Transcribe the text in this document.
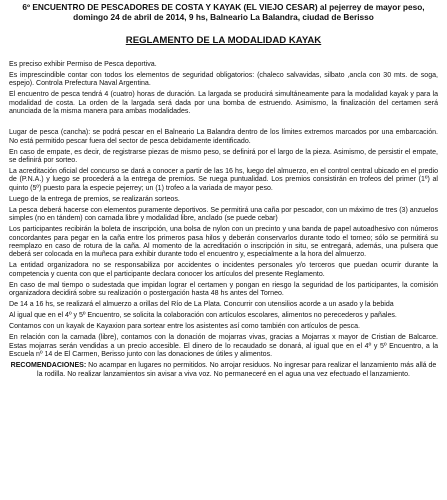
6º ENCUENTRO DE PESCADORES DE COSTA Y KAYAK (EL VIEJO CESAR) al pejerrey de mayor peso, domingo 24 de abril de 2014, 9 hs, Balneario La Balandra, ciudad de Berisso
REGLAMENTO DE LA MODALIDAD KAYAK

Es preciso exhibir Permiso de Pesca deportiva.

Es imprescindible contar con todos los elementos de seguridad obligatorios: (chaleco salvavidas, silbato ,ancla con 30 mts. de soga, espejo). Controla Prefectura Naval Argentina.

El encuentro de pesca tendrá 4 (cuatro) horas de duración. La largada se producirá simultáneamente para la modalidad kayak y para la modalidad de costa. La orden de la largada será dada por una bomba de estruendo. Asimismo, la finalización del certamen será anunciada de la misma manera para ambas modalidades.

Lugar de pesca (cancha): se podrá pescar en el Balneario La Balandra dentro de los límites extremos marcados por una embarcación. No está permitido pescar fuera del sector de pesca debidamente identificado.

En caso de empate, es decir, de registrarse piezas de mismo peso, se definirá por el largo de la pieza. Asimismo, de persistir el empate, se definirá por sorteo.

La acreditación oficial del concurso se dará a conocer a partir de las 16 hs, luego del almuerzo, en el control central ubicado en el predio de (P.N.A.) y luego se procederá a la entrega de premios. Se ruega puntualidad. Los premios consistirán en trofeos del primer (1º) al quinto (5º) puesto para la especie pejerrey; un (1) trofeo a la variada de mayor peso.

Luego de la entrega de premios, se realizarán sorteos.

La pesca deberá hacerse con elementos puramente deportivos. Se permitirá una caña por pescador, con un máximo de tres (3) anzuelos simples (no en tándem) con carnada libre y modalidad libre, anclado (se puede cebar)

Los participantes recibirán la boleta de inscripción, una bolsa de nylon con un precinto y una banda de papel autoadhesivo con números concordantes para pegar en la caña entre los primeros pasa hilos y deberán conservarlos durante todo el torneo; sólo se permitirá su reemplazo en caso de rotura de la caña. Al momento de la acreditación o inscripción in situ, se entregará, además, una pulsera que deberá ser colocada en la muñeca para exhibir durante todo el encuentro y, especialmente a la hora del almuerzo.

La entidad organizadora no se responsabiliza por accidentes o incidentes personales y/o terceros que puedan ocurrir durante la competencia y cuenta con que el participante declara conocer los artículos del presente Reglamento.

En caso de mal tiempo o sudestada que impidan lograr el certamen y pongan en riesgo la seguridad de los participantes, la comisión organizadora decidirá sobre su realización o postergación hasta 48 hs antes del Torneo.

De 14 a 16 hs, se realizará el almuerzo a orillas del Río de La Plata. Concurrir con utensilios acorde a un asado y la bebida

Al igual que en el 4º y 5º Encuentro, se solicita la colaboración con artículos escolares, alimentos no perecederos y pañales.

Contamos con un kayak de Kayaxion para sortear entre los asistentes así como también con artículos de pesca.

En relación con la carnada (libre), contamos con la donación de mojarras vivas, gracias a Mojarras x mayor de Cristian de Balcarce. Estas mojarras serán vendidas a un precio accesible. El dinero de lo recaudado se donará, al igual que en el 4º y 5º Encuentro, a la Escuela nº 14 de El Carmen, Berisso junto con las donaciones de útiles y alimentos.

RECOMENDACIONES: No acampar en lugares no permitidos. No arrojar residuos. No ingresar para realizar el lanzamiento más allá de la rodilla. No realizar lanzamientos sin avisar a viva voz. No permaneceré en el agua una vez efectuado el lanzamiento.
